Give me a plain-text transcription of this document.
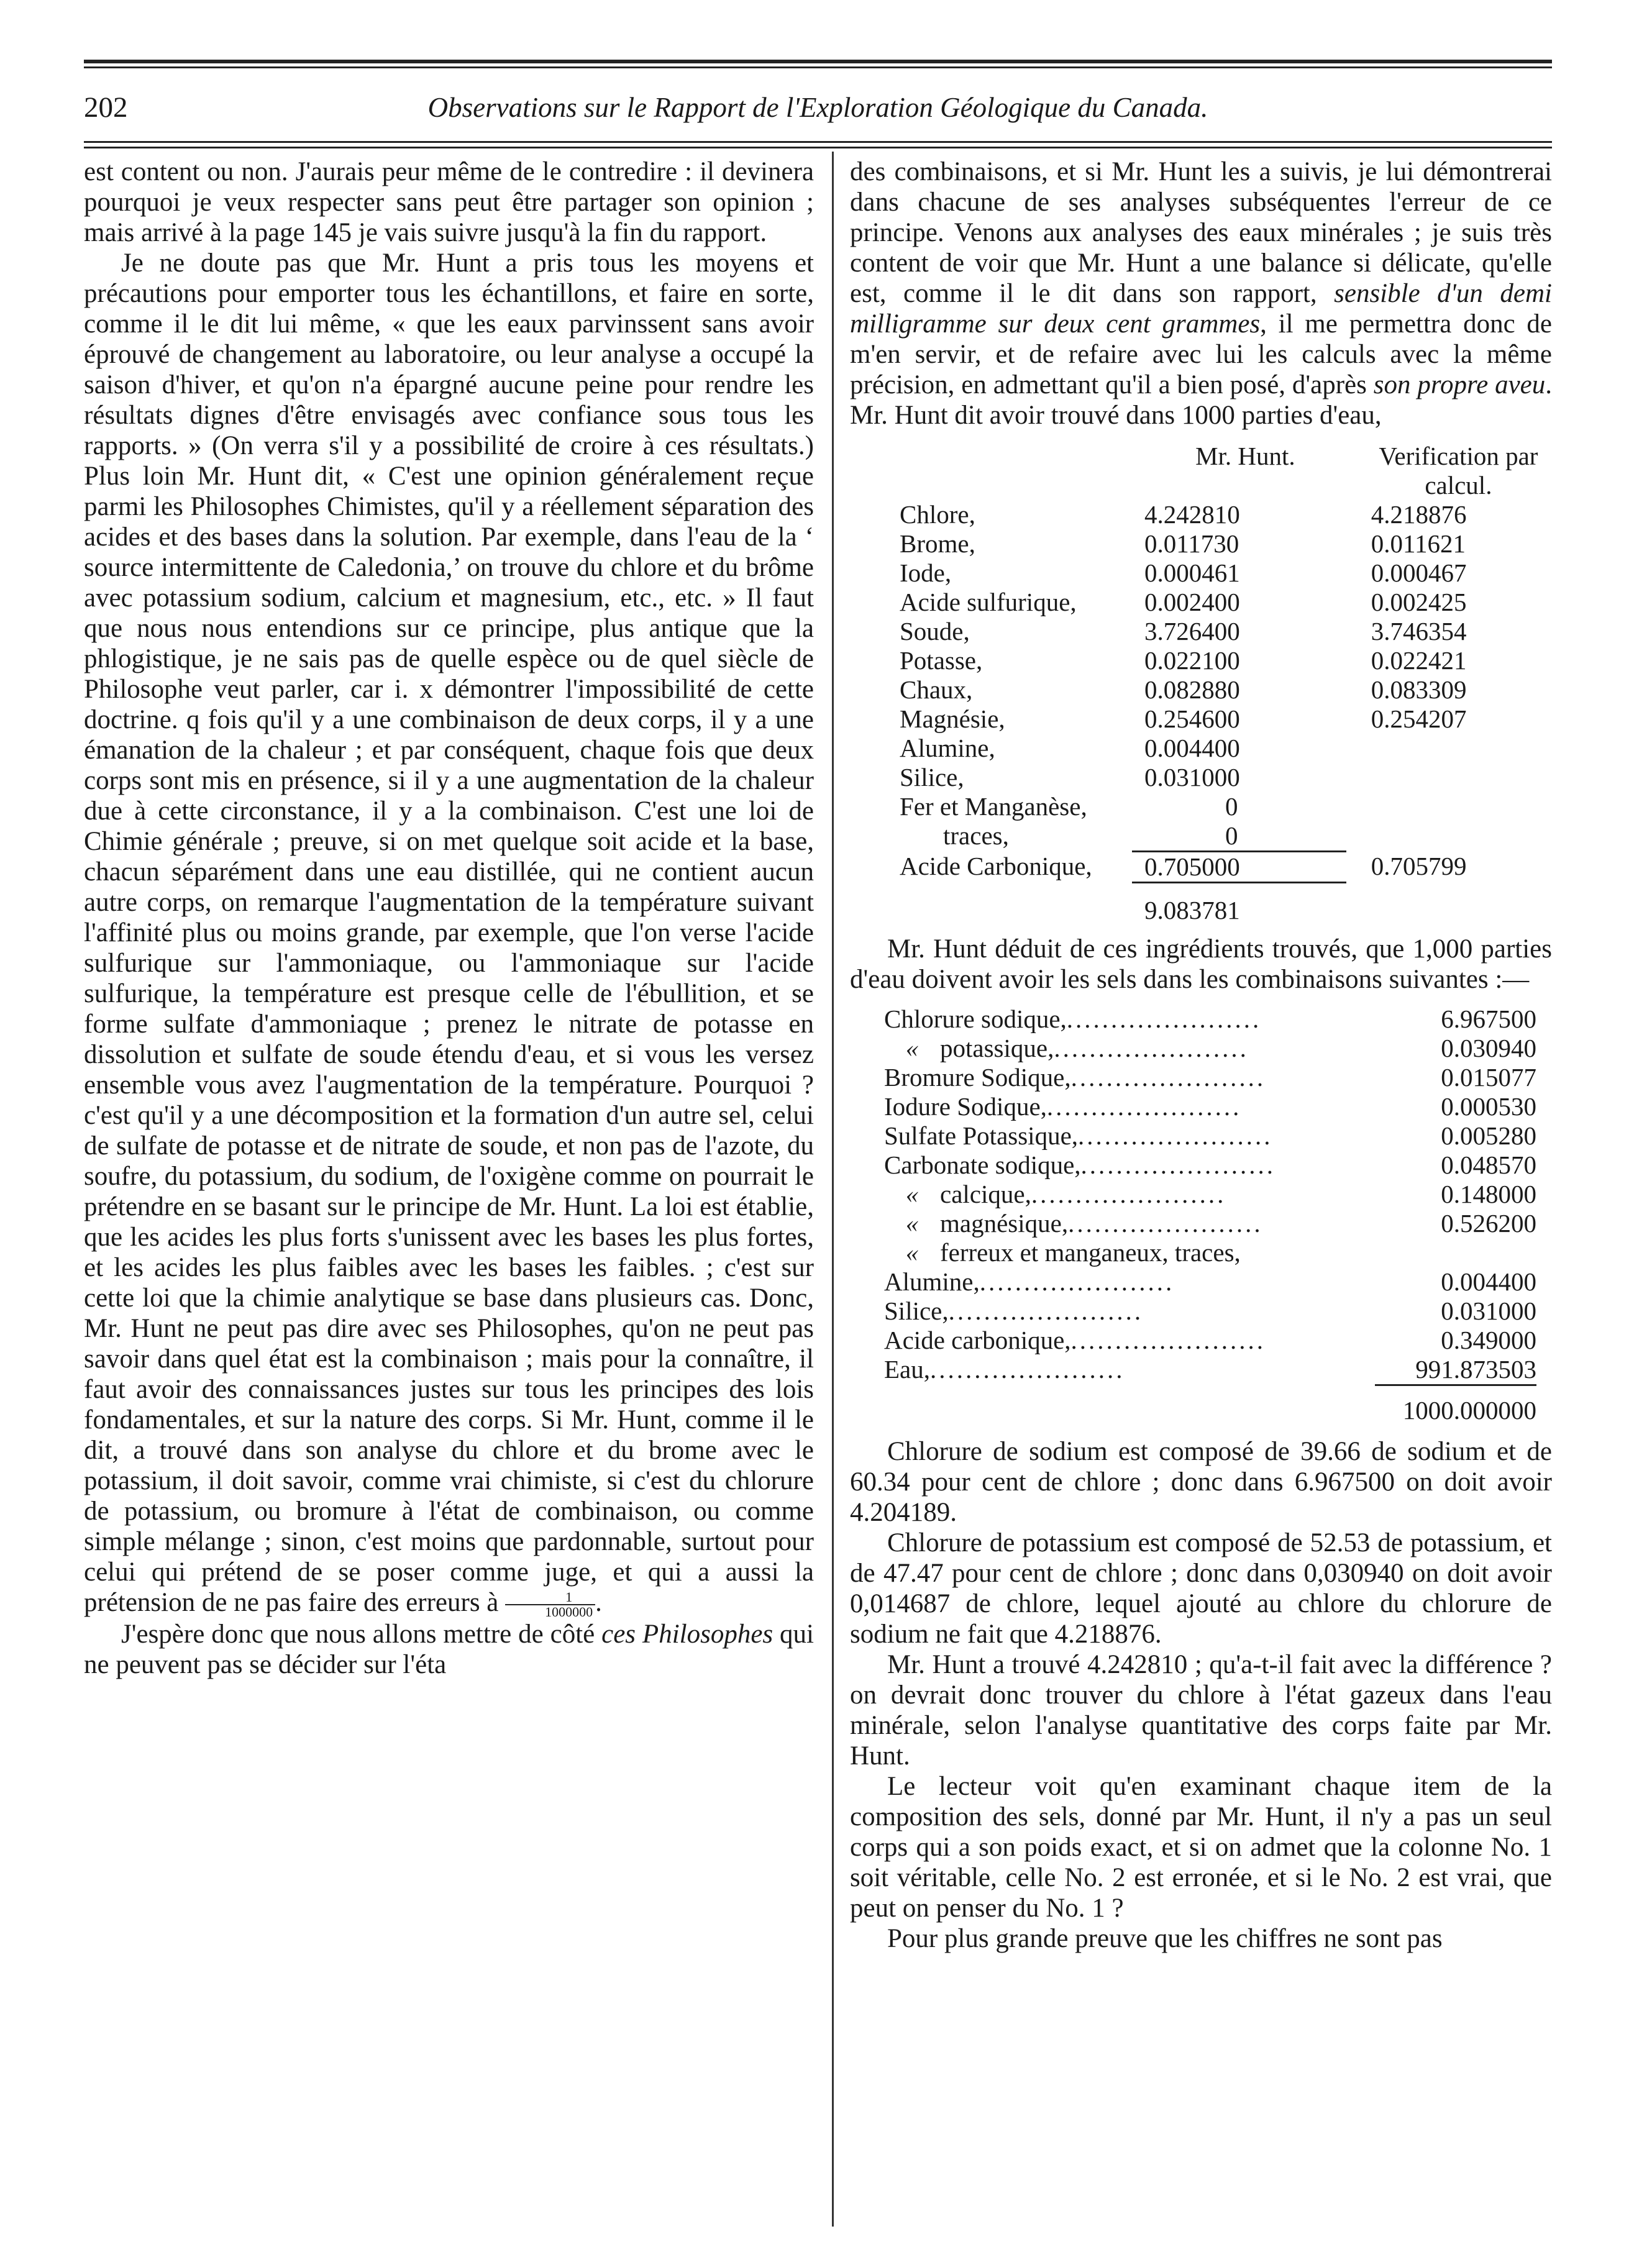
202	Observations sur le Rapport de l'Exploration Géologique du Canada.

est content ou non. J'aurais peur même de le contredire : il devinera pourquoi je veux respecter sans peut être partager son opinion ; mais arrivé à la page 145 je vais suivre jusqu'à la fin du rapport.

Je ne doute pas que Mr. Hunt a pris tous les moyens et précautions pour emporter tous les échantillons, et faire en sorte, comme il le dit lui même, « que les eaux parvinssent sans avoir éprouvé de changement au laboratoire, ou leur analyse a occupé la saison d'hiver, et qu'on n'a épargné aucune peine pour rendre les résultats dignes d'être envisagés avec confiance sous tous les rapports. » (On verra s'il y a possibilité de croire à ces résultats.) Plus loin Mr. Hunt dit, « C'est une opinion généralement reçue parmi les Philosophes Chimistes, qu'il y a réellement séparation des acides et des bases dans la solution. Par exemple, dans l'eau de la ‘ source intermittente de Caledonia,’ on trouve du chlore et du brôme avec potassium sodium, calcium et magnesium, etc., etc. » Il faut que nous nous entendions sur ce principe, plus antique que la phlogistique, je ne sais pas de quelle espèce ou de quel siècle de Philosophe veut parler, car i. x démontrer l'impossibilité de cette doctrine. q fois qu'il y a une combinaison de deux corps, il y a une émanation de la chaleur ; et par conséquent, chaque fois que deux corps sont mis en présence, si il y a une augmentation de la chaleur due à cette circonstance, il y a la combinaison. C'est une loi de Chimie générale ; preuve, si on met quelque soit acide et la base, chacun séparément dans une eau distillée, qui ne contient aucun autre corps, on remarque l'augmentation de la température suivant l'affinité plus ou moins grande, par exemple, que l'on verse l'acide sulfurique sur l'ammoniaque, ou l'ammoniaque sur l'acide sulfurique, la température est presque celle de l'ébullition, et se forme sulfate d'ammoniaque ; prenez le nitrate de potasse en dissolution et sulfate de soude étendu d'eau, et si vous les versez ensemble vous avez l'augmentation de la température. Pourquoi ? c'est qu'il y a une décomposition et la formation d'un autre sel, celui de sulfate de potasse et de nitrate de soude, et non pas de l'azote, du soufre, du potassium, du sodium, de l'oxigène comme on pourrait le prétendre en se basant sur le principe de Mr. Hunt. La loi est établie, que les acides les plus forts s'unissent avec les bases les plus fortes, et les acides les plus faibles avec les bases les faibles. ; c'est sur cette loi que la chimie analytique se base dans plusieurs cas. Donc, Mr. Hunt ne peut pas dire avec ses Philosophes, qu'on ne peut pas savoir dans quel état est la combinaison ; mais pour la connaître, il faut avoir des connaissances justes sur tous les principes des lois fondamentales, et sur la nature des corps. Si Mr. Hunt, comme il le dit, a trouvé dans son analyse du chlore et du brome avec le potassium, il doit savoir, comme vrai chimiste, si c'est du chlorure de potassium, ou bromure à l'état de combinaison, ou comme simple mélange ; sinon, c'est moins que pardonnable, surtout pour celui qui prétend de se poser comme juge, et qui a aussi la prétension de ne pas faire des erreurs à $\frac{1}{1000000}$ .

J'espère donc que nous allons mettre de côté ces Philosophes qui ne peuvent pas se décider sur l'éta

des combinaisons, et si Mr. Hunt les a suivis, je lui démontrerai dans chacune de ses analyses subséquentes l'erreur de ce principe. Venons aux analyses des eaux minérales ; je suis très content de voir que Mr. Hunt a une balance si délicate, qu'elle est, comme il le dit dans son rapport, sensible d'un demi milligramme sur deux cent grammes, il me permettra donc de m'en servir, et de refaire avec lui les calculs avec la même précision, en admettant qu'il a bien posé, d'après son propre aveu. Mr. Hunt dit avoir trouvé dans 1000 parties d'eau,

	Mr. Hunt.	Verification par calcul.
Chlore,	4.242810	4.218876
Brome,	0.011730	0.011621
Iode,	0.000461	0.000467
Acide sulfurique,	0.002400	0.002425
Soude,	3.726400	3.746354
Potasse,	0.022100	0.022421
Chaux,	0.082880	0.083309
Magnésie,	0.254600	0.254207
Alumine,	0.004400	
Silice,	0.031000	
Fer et Manganèse,	0	
traces,	0	
Acide Carbonique,	0.705000	0.705799
	9.083781	

Mr. Hunt déduit de ces ingrédients trouvés, que 1,000 parties d'eau doivent avoir les sels dans les combinaisons suivantes :—

Chlorure sodique,......................	6.967500
« potassique,......................	0.030940
Bromure Sodique,......................	0.015077
Iodure Sodique,......................	0.000530
Sulfate Potassique,......................	0.005280
Carbonate sodique,......................	0.048570
« calcique,......................	0.148000
« magnésique,......................	0.526200
« ferreux et manganeux, traces,	
Alumine,......................	0.004400
Silice,......................	0.031000
Acide carbonique,......................	0.349000
Eau,......................	991.873503
	1000.000000

Chlorure de sodium est composé de 39.66 de sodium et de 60.34 pour cent de chlore ; donc dans 6.967500 on doit avoir 4.204189.

Chlorure de potassium est composé de 52.53 de potassium, et de 47.47 pour cent de chlore ; donc dans 0,030940 on doit avoir 0,014687 de chlore, lequel ajouté au chlore du chlorure de sodium ne fait que 4.218876.

Mr. Hunt a trouvé 4.242810 ; qu'a-t-il fait avec la différence ? on devrait donc trouver du chlore à l'état gazeux dans l'eau minérale, selon l'analyse quantitative des corps faite par Mr. Hunt.

Le lecteur voit qu'en examinant chaque item de la composition des sels, donné par Mr. Hunt, il n'y a pas un seul corps qui a son poids exact, et si on admet que la colonne No. 1 soit véritable, celle No. 2 est erronée, et si le No. 2 est vrai, que peut on penser du No. 1 ?

Pour plus grande preuve que les chiffres ne sont pas
